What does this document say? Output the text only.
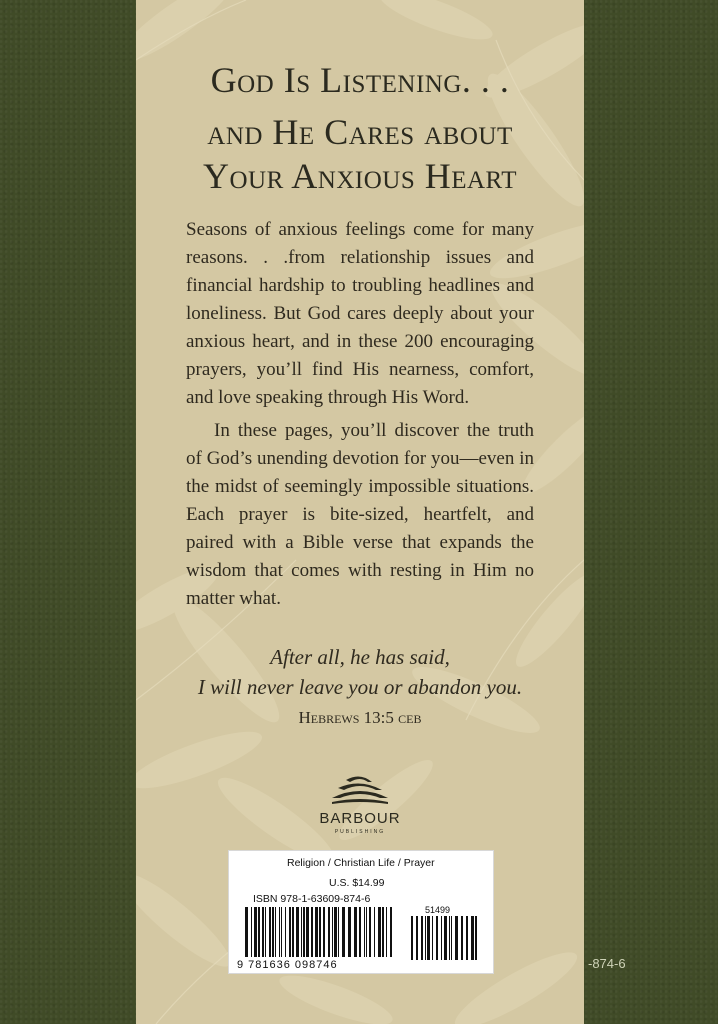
-874-6
God Is Listening. . .
and He Cares about
Your Anxious Heart

Seasons of anxious feelings come for many reasons. . .from relationship issues and financial hardship to troubling headlines and loneliness. But God cares deeply about your anxious heart, and in these 200 encouraging prayers, you’ll find His nearness, comfort, and love speaking through His Word.

In these pages, you’ll discover the truth of God’s unending devotion for you—even in the midst of seemingly impossible situations. Each prayer is bite-sized, heartfelt, and paired with a Bible verse that expands the wisdom that comes with resting in Him no matter what.

After all, he has said,
I will never leave you or abandon you.
Hebrews 13:5 ceb
BARBOUR
PUBLISHING
Religion / Christian Life / Prayer
U.S. $14.99
ISBN 978-1-63609-874-6
51499
9 781636 098746
